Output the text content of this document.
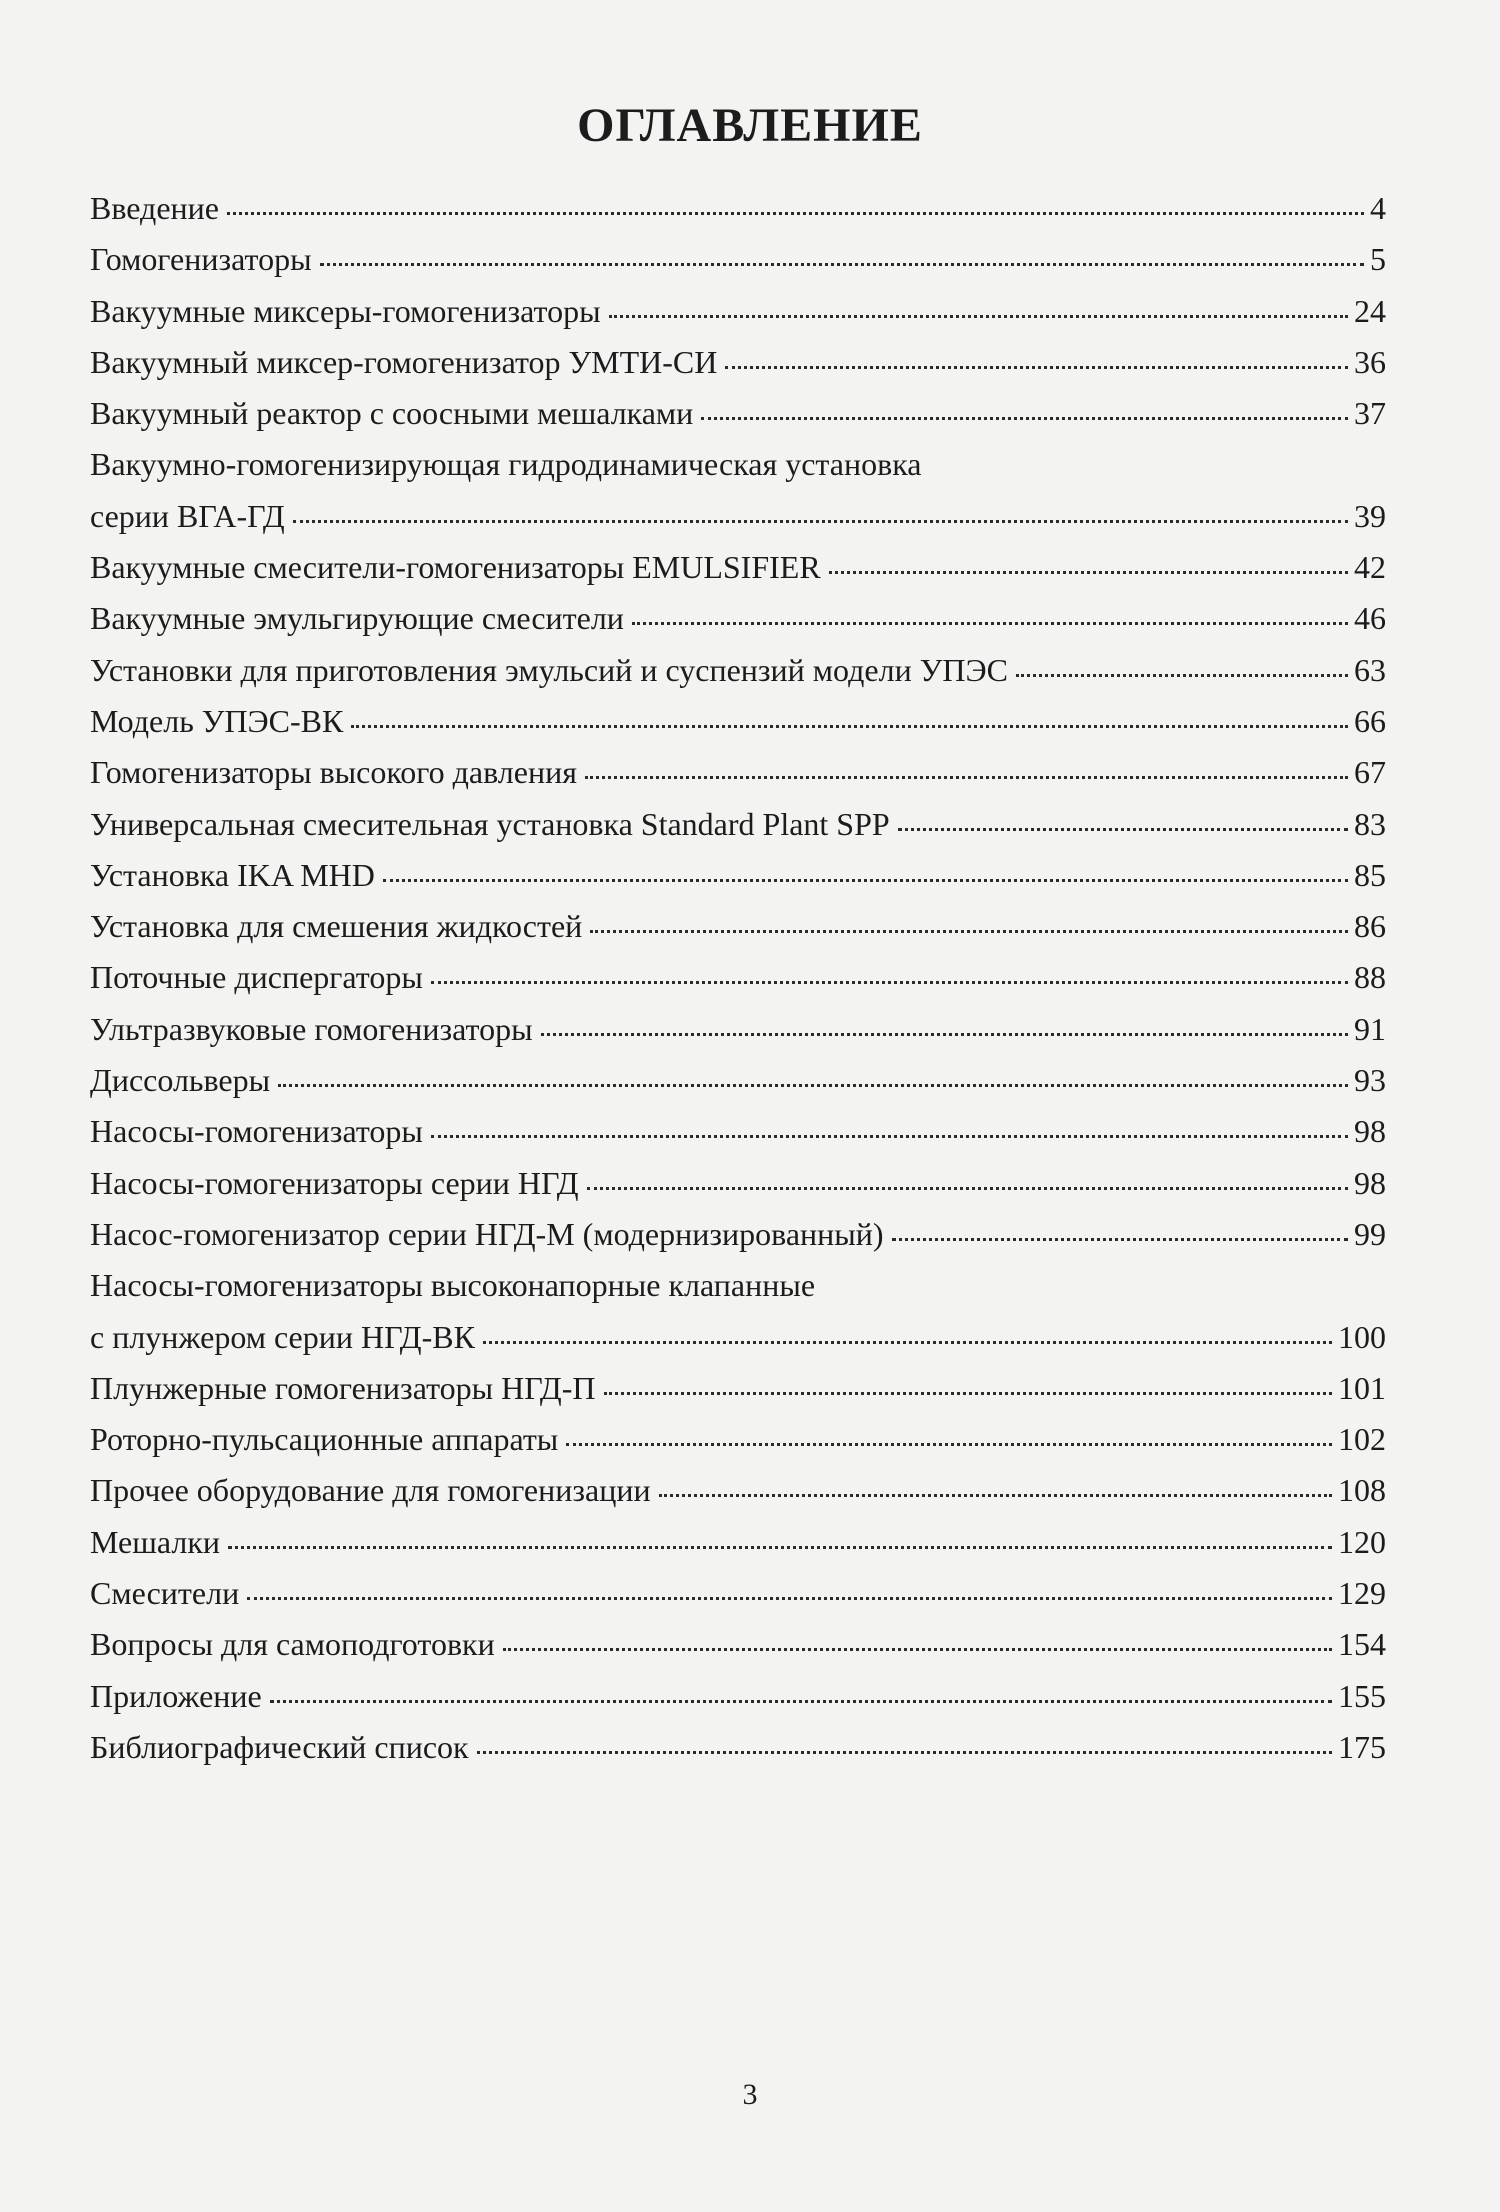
ОГЛАВЛЕНИЕ
Введение	4
Гомогенизаторы	5
Вакуумные миксеры-гомогенизаторы	24
Вакуумный миксер-гомогенизатор УМТИ-СИ	36
Вакуумный реактор с соосными мешалками	37
Вакуумно-гомогенизирующая гидродинамическая установка
серии ВГА-ГД	39
Вакуумные смесители-гомогенизаторы EMULSIFIER	42
Вакуумные эмульгирующие смесители	46
Установки для приготовления эмульсий и суспензий модели УПЭС	63
Модель УПЭС-ВК	66
Гомогенизаторы высокого давления	67
Универсальная смесительная установка Standard Plant SPP	83
Установка IKA MHD	85
Установка для смешения жидкостей	86
Поточные диспергаторы	88
Ультразвуковые гомогенизаторы	91
Диссольверы	93
Насосы-гомогенизаторы	98
Насосы-гомогенизаторы серии НГД	98
Насос-гомогенизатор серии НГД-М (модернизированный)	99
Насосы-гомогенизаторы высоконапорные клапанные
с плунжером серии НГД-ВК	100
Плунжерные гомогенизаторы НГД-П	101
Роторно-пульсационные аппараты	102
Прочее оборудование для гомогенизации	108
Мешалки	120
Смесители	129
Вопросы для самоподготовки	154
Приложение	155
Библиографический список	175
3
